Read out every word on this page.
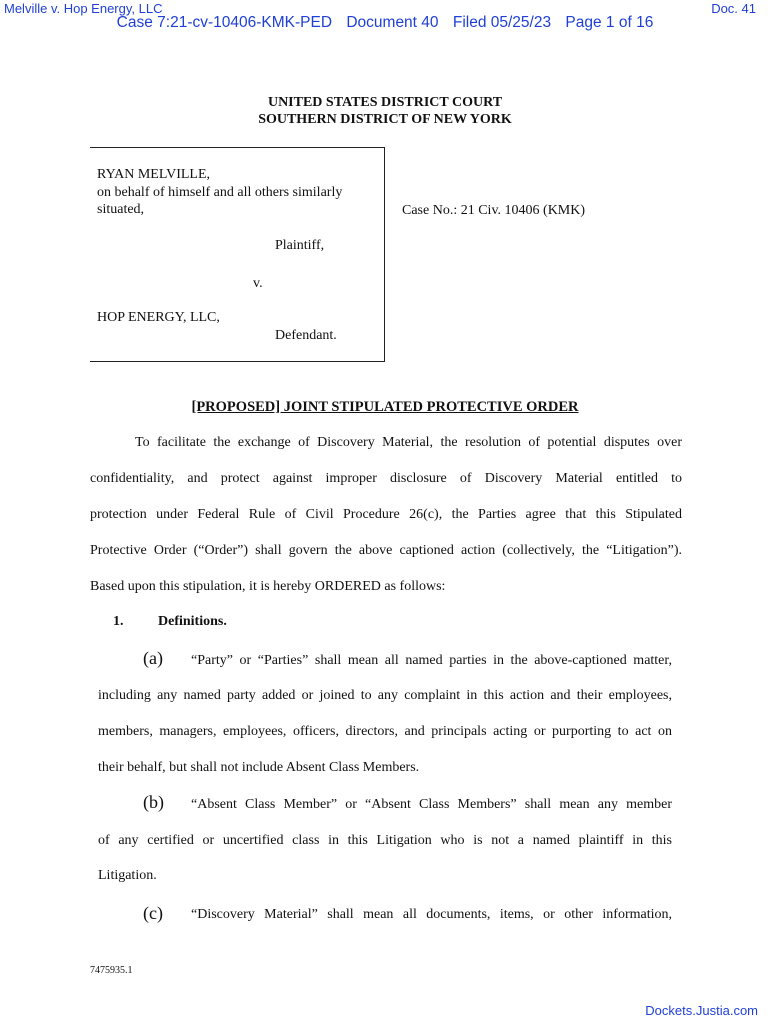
Melville v. Hop Energy, LLC	Doc. 41
Case 7:21-cv-10406-KMK-PED Document 40 Filed 05/25/23 Page 1 of 16
UNITED STATES DISTRICT COURT
SOUTHERN DISTRICT OF NEW YORK
RYAN MELVILLE,
on behalf of himself and all others similarly
situated,
Plaintiff,
v.
HOP ENERGY, LLC,
Defendant.
Case No.: 21 Civ. 10406 (KMK)
[PROPOSED] JOINT STIPULATED PROTECTIVE ORDER
To facilitate the exchange of Discovery Material, the resolution of potential disputes over
confidentiality, and protect against improper disclosure of Discovery Material entitled to
protection under Federal Rule of Civil Procedure 26(c), the Parties agree that this Stipulated
Protective Order (“Order”) shall govern the above captioned action (collectively, the “Litigation”).
Based upon this stipulation, it is hereby ORDERED as follows:
1. Definitions.
(a) “Party” or “Parties” shall mean all named parties in the above-captioned matter,
including any named party added or joined to any complaint in this action and their employees,
members, managers, employees, officers, directors, and principals acting or purporting to act on
their behalf, but shall not include Absent Class Members.
(b) “Absent Class Member” or “Absent Class Members” shall mean any member
of any certified or uncertified class in this Litigation who is not a named plaintiff in this
Litigation.
(c) “Discovery Material” shall mean all documents, items, or other information,
7475935.1
Dockets.Justia.com
